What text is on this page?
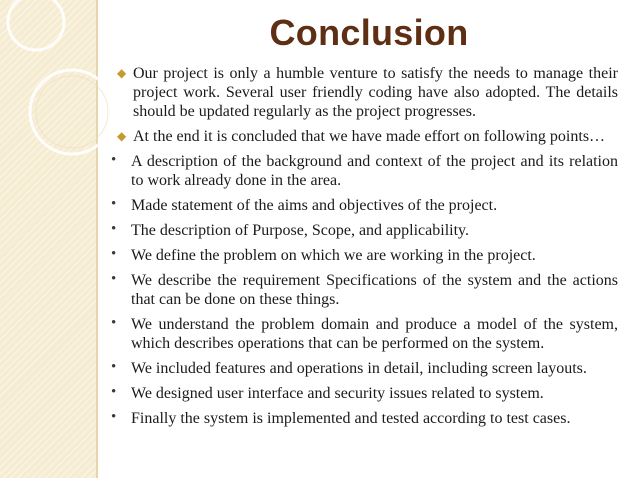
Conclusion
◆ Our project is only a humble venture to satisfy the needs to manage their project work. Several user friendly coding have also adopted. The details should be updated regularly as the project progresses.
◆ At the end it is concluded that we have made effort on following points…
• A description of the background and context of the project and its relation to work already done in the area.
• Made statement of the aims and objectives of the project.
• The description of Purpose, Scope, and applicability.
• We define the problem on which we are working in the project.
• We describe the requirement Specifications of the system and the actions that can be done on these things.
• We understand the problem domain and produce a model of the system, which describes operations that can be performed on the system.
• We included features and operations in detail, including screen layouts.
• We designed user interface and security issues related to system.
• Finally the system is implemented and tested according to test cases.
